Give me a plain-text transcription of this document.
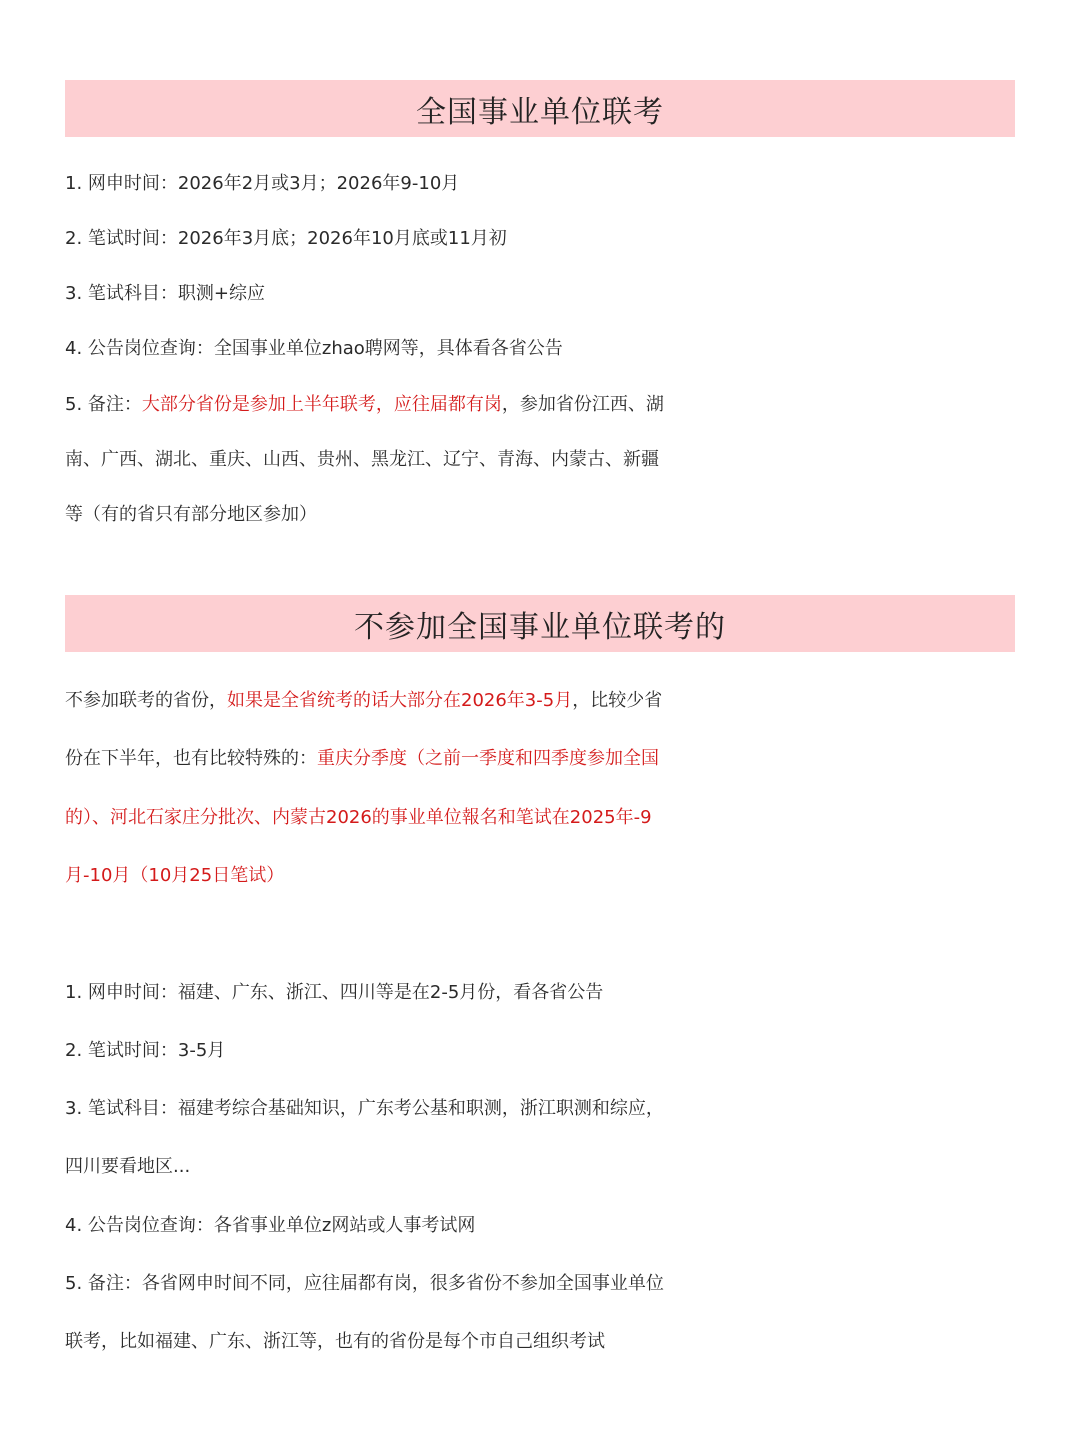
全国事业单位联考
1. 网申时间：2026年2月或3月；2026年9-10月
2. 笔试时间：2026年3月底；2026年10月底或11月初
3. 笔试科目：职测+综应
4. 公告岗位查询：全国事业单位zhao聘网等，具体看各省公告
5. 备注：大部分省份是参加上半年联考，应往届都有岗，参加省份江西、湖
南、广西、湖北、重庆、山西、贵州、黑龙江、辽宁、青海、内蒙古、新疆
等（有的省只有部分地区参加）
不参加全国事业单位联考的
不参加联考的省份，如果是全省统考的话大部分在2026年3-5月，比较少省
份在下半年，也有比较特殊的：重庆分季度（之前一季度和四季度参加全国
的）、河北石家庄分批次、内蒙古2026的事业单位報名和笔试在2025年-9
月-10月（10月25日笔试）
1. 网申时间：福建、广东、浙江、四川等是在2-5月份，看各省公告
2. 笔试时间：3-5月
3. 笔试科目：福建考综合基础知识，广东考公基和职测，浙江职测和综应，
四川要看地区...
4. 公告岗位查询：各省事业单位z网站或人事考试网
5. 备注：各省网申时间不同，应往届都有岗，很多省份不参加全国事业单位
联考，比如福建、广东、浙江等，也有的省份是每个市自己组织考试
